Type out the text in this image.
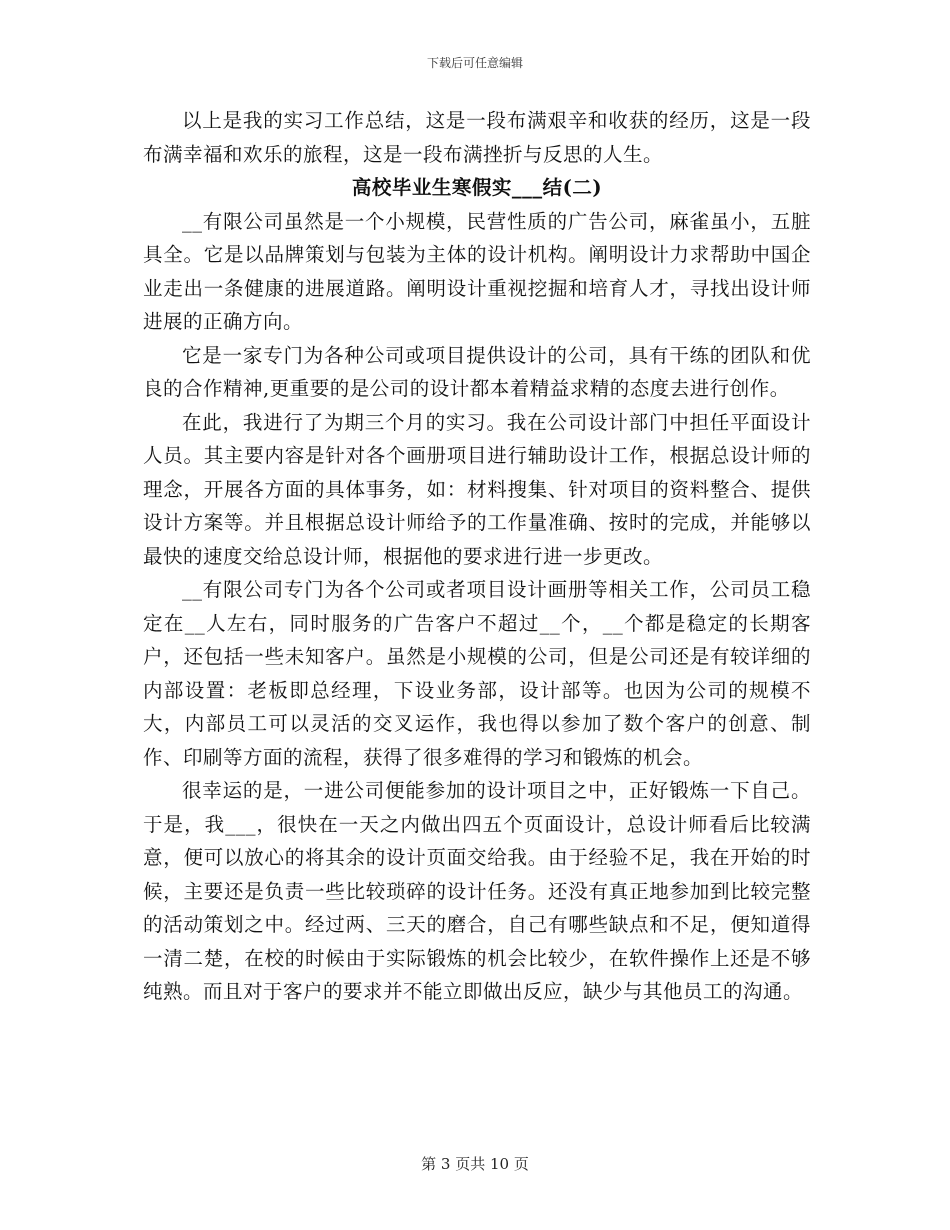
下载后可任意编辑

以上是我的实习工作总结，这是一段布满艰辛和收获的经历，这是一段布满幸福和欢乐的旅程，这是一段布满挫折与反思的人生。

高校毕业生寒假实___结(二)

__有限公司虽然是一个小规模，民营性质的广告公司，麻雀虽小，五脏具全。它是以品牌策划与包装为主体的设计机构。阐明设计力求帮助中国企业走出一条健康的进展道路。阐明设计重视挖掘和培育人才，寻找出设计师进展的正确方向。

它是一家专门为各种公司或项目提供设计的公司，具有干练的团队和优良的合作精神,更重要的是公司的设计都本着精益求精的态度去进行创作。

在此，我进行了为期三个月的实习。我在公司设计部门中担任平面设计人员。其主要内容是针对各个画册项目进行辅助设计工作，根据总设计师的理念，开展各方面的具体事务，如：材料搜集、针对项目的资料整合、提供设计方案等。并且根据总设计师给予的工作量准确、按时的完成，并能够以最快的速度交给总设计师，根据他的要求进行进一步更改。

__有限公司专门为各个公司或者项目设计画册等相关工作，公司员工稳定在__人左右，同时服务的广告客户不超过__个，__个都是稳定的长期客户，还包括一些未知客户。虽然是小规模的公司，但是公司还是有较详细的内部设置：老板即总经理，下设业务部，设计部等。也因为公司的规模不大，内部员工可以灵活的交叉运作，我也得以参加了数个客户的创意、制作、印刷等方面的流程，获得了很多难得的学习和锻炼的机会。

很幸运的是，一进公司便能参加的设计项目之中，正好锻炼一下自己。于是，我___，很快在一天之内做出四五个页面设计，总设计师看后比较满意，便可以放心的将其余的设计页面交给我。由于经验不足，我在开始的时候，主要还是负责一些比较琐碎的设计任务。还没有真正地参加到比较完整的活动策划之中。经过两、三天的磨合，自己有哪些缺点和不足，便知道得一清二楚，在校的时候由于实际锻炼的机会比较少，在软件操作上还是不够纯熟。而且对于客户的要求并不能立即做出反应，缺少与其他员工的沟通。

第 3 页共 10 页
